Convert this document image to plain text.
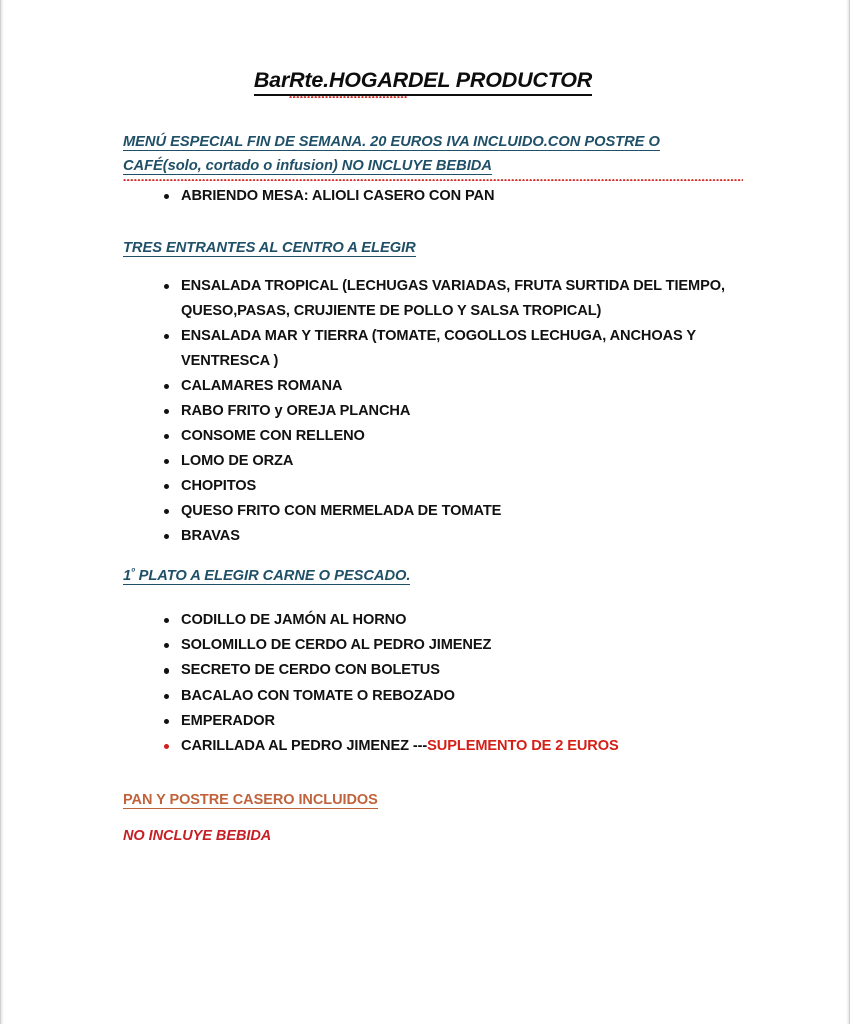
BarRte.HOGARDEL PRODUCTOR
MENÚ ESPECIAL FIN DE SEMANA. 20 EUROS IVA INCLUIDO.CON POSTRE O
CAFÉ(solo, cortado o infusion) NO INCLUYE BEBIDA
ABRIENDO MESA: ALIOLI CASERO CON PAN
TRES ENTRANTES AL CENTRO A ELEGIR
ENSALADA TROPICAL (LECHUGAS VARIADAS, FRUTA SURTIDA DEL TIEMPO, QUESO,PASAS, CRUJIENTE DE POLLO Y SALSA TROPICAL)
ENSALADA MAR Y TIERRA (TOMATE, COGOLLOS LECHUGA, ANCHOAS Y VENTRESCA )
CALAMARES ROMANA
RABO FRITO y OREJA PLANCHA
CONSOME CON RELLENO
LOMO DE ORZA
CHOPITOS
QUESO FRITO CON MERMELADA DE TOMATE
BRAVAS
$1^º$ PLATO A ELEGIR CARNE O PESCADO.
CODILLO DE JAMÓN AL HORNO
SOLOMILLO DE CERDO AL PEDRO JIMENEZ
SECRETO DE CERDO CON BOLETUS
BACALAO CON TOMATE O REBOZADO
EMPERADOR
CARILLADA AL PEDRO JIMENEZ ---SUPLEMENTO DE 2 EUROS
PAN Y POSTRE CASERO INCLUIDOS
NO INCLUYE BEBIDA
